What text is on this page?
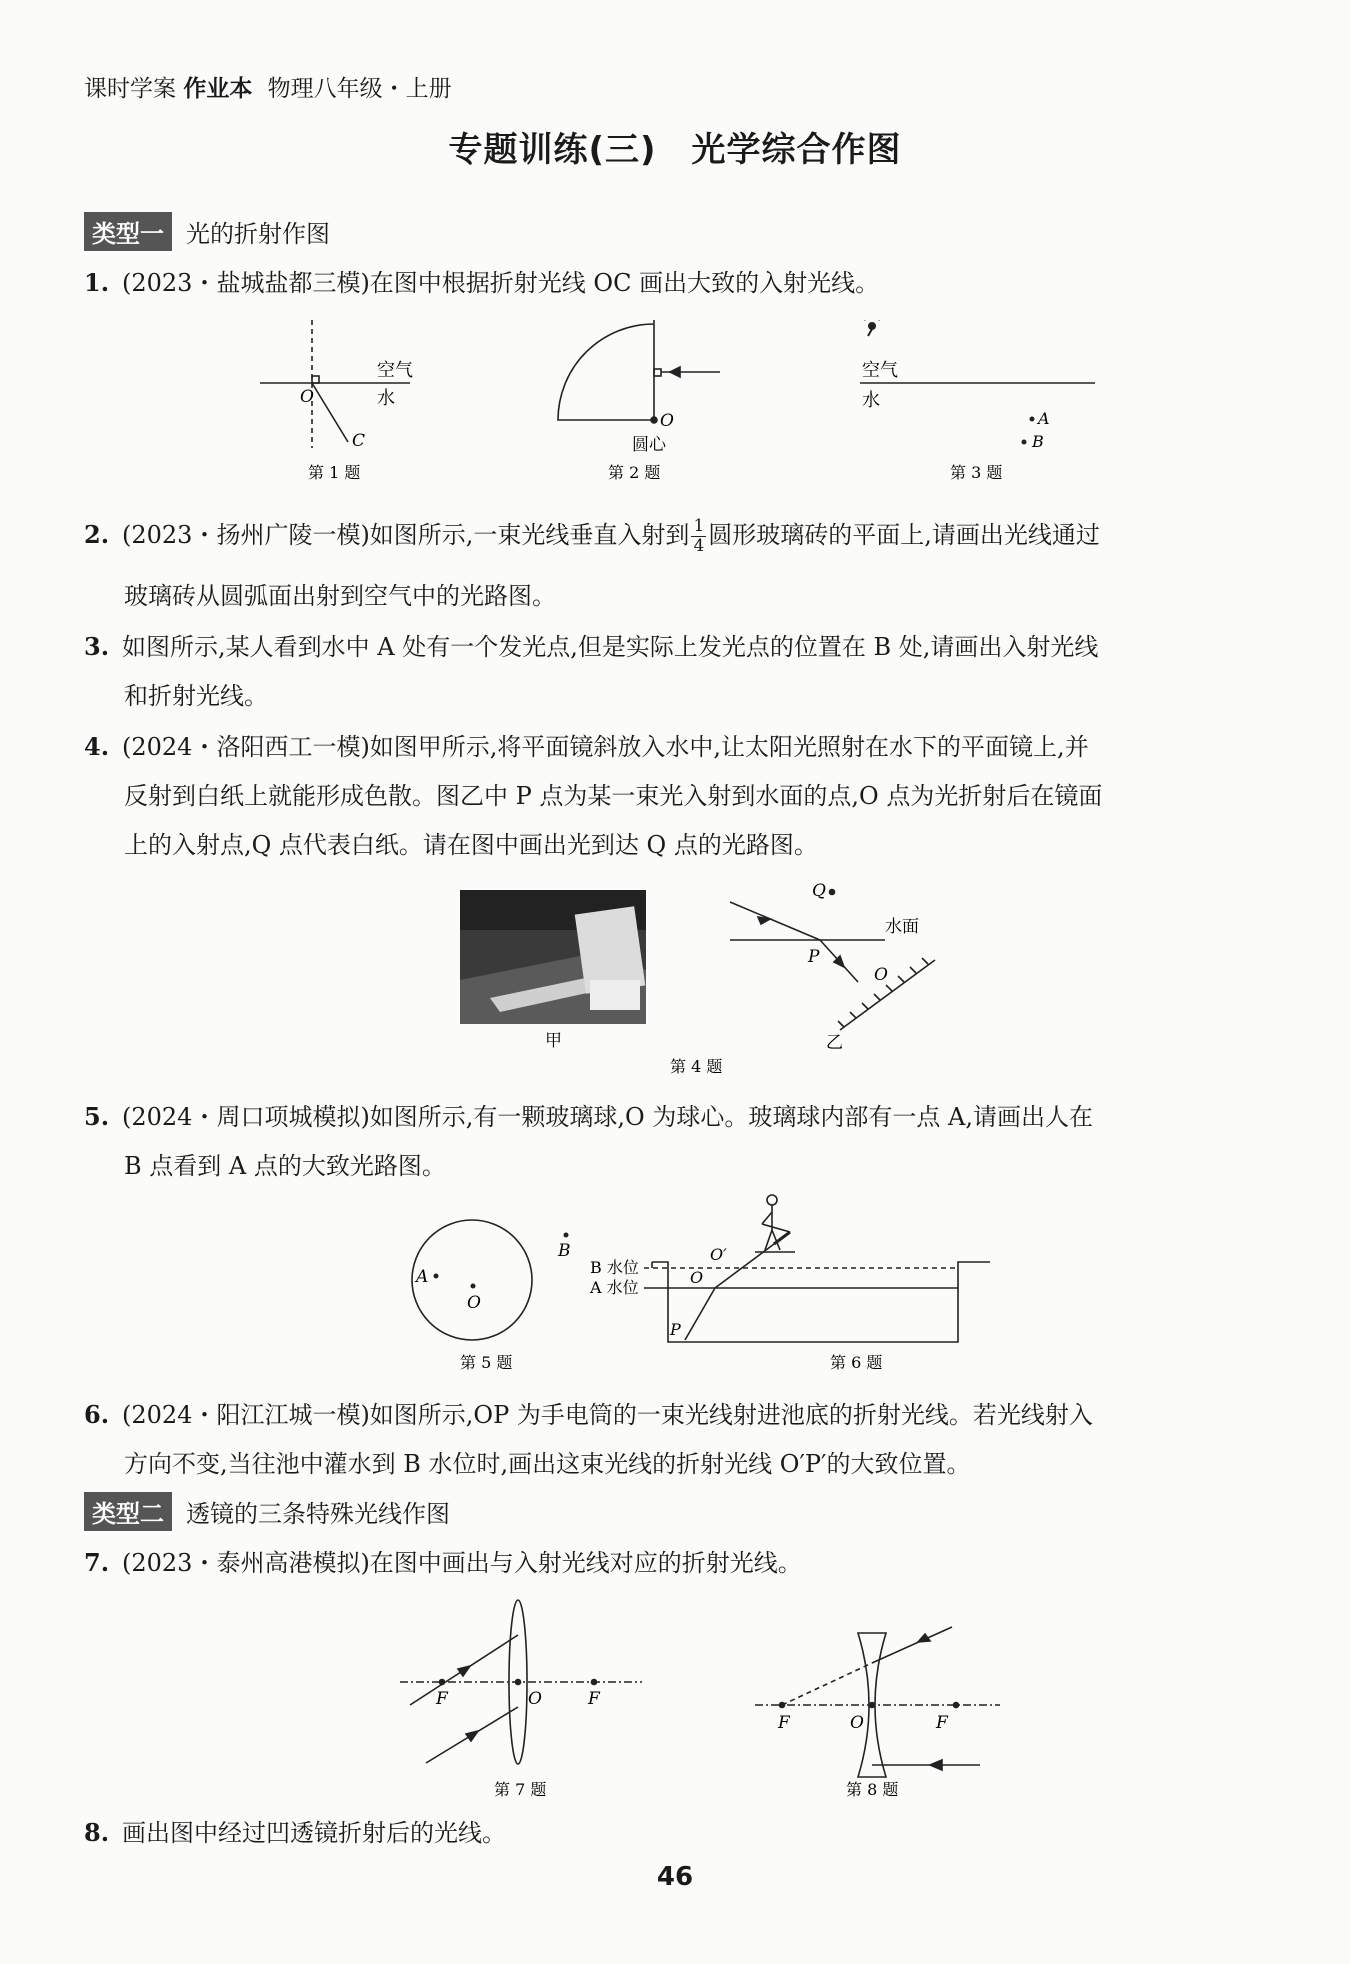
课时学案 作业本 物理八年级・上册
专题训练(三)　光学综合作图
类型一 光的折射作图
1. (2023・盐城盐都三模)在图中根据折射光线 OC 画出大致的入射光线。
O
空气
水
C
第 1 题
O
圆心
第 2 题
空气
水
A
B
第 3 题
2. (2023・扬州广陵一模)如图所示,一束光线垂直入射到 $\frac{1}{4}$ 圆形玻璃砖的平面上,请画出光线通过
玻璃砖从圆弧面出射到空气中的光路图。
3. 如图所示,某人看到水中 A 处有一个发光点,但是实际上发光点的位置在 B 处,请画出入射光线
和折射光线。
4. (2024・洛阳西工一模)如图甲所示,将平面镜斜放入水中,让太阳光照射在水下的平面镜上,并
反射到白纸上就能形成色散。图乙中 P 点为某一束光入射到水面的点,O 点为光折射后在镜面
上的入射点,Q 点代表白纸。请在图中画出光到达 Q 点的光路图。
甲
Q
水面
P
O
乙
第 4 题
5. (2024・周口项城模拟)如图所示,有一颗玻璃球,O 为球心。玻璃球内部有一点 A,请画出人在
B 点看到 A 点的大致光路图。
A
O
B
第 5 题
B 水位
A 水位
O
O′
P
第 6 题
6. (2024・阳江江城一模)如图所示,OP 为手电筒的一束光线射进池底的折射光线。若光线射入
方向不变,当往池中灌水到 B 水位时,画出这束光线的折射光线 O′P′的大致位置。
类型二 透镜的三条特殊光线作图
7. (2023・泰州高港模拟)在图中画出与入射光线对应的折射光线。
F	O	F
第 7 题
F	O	F
第 8 题
8. 画出图中经过凹透镜折射后的光线。
46
